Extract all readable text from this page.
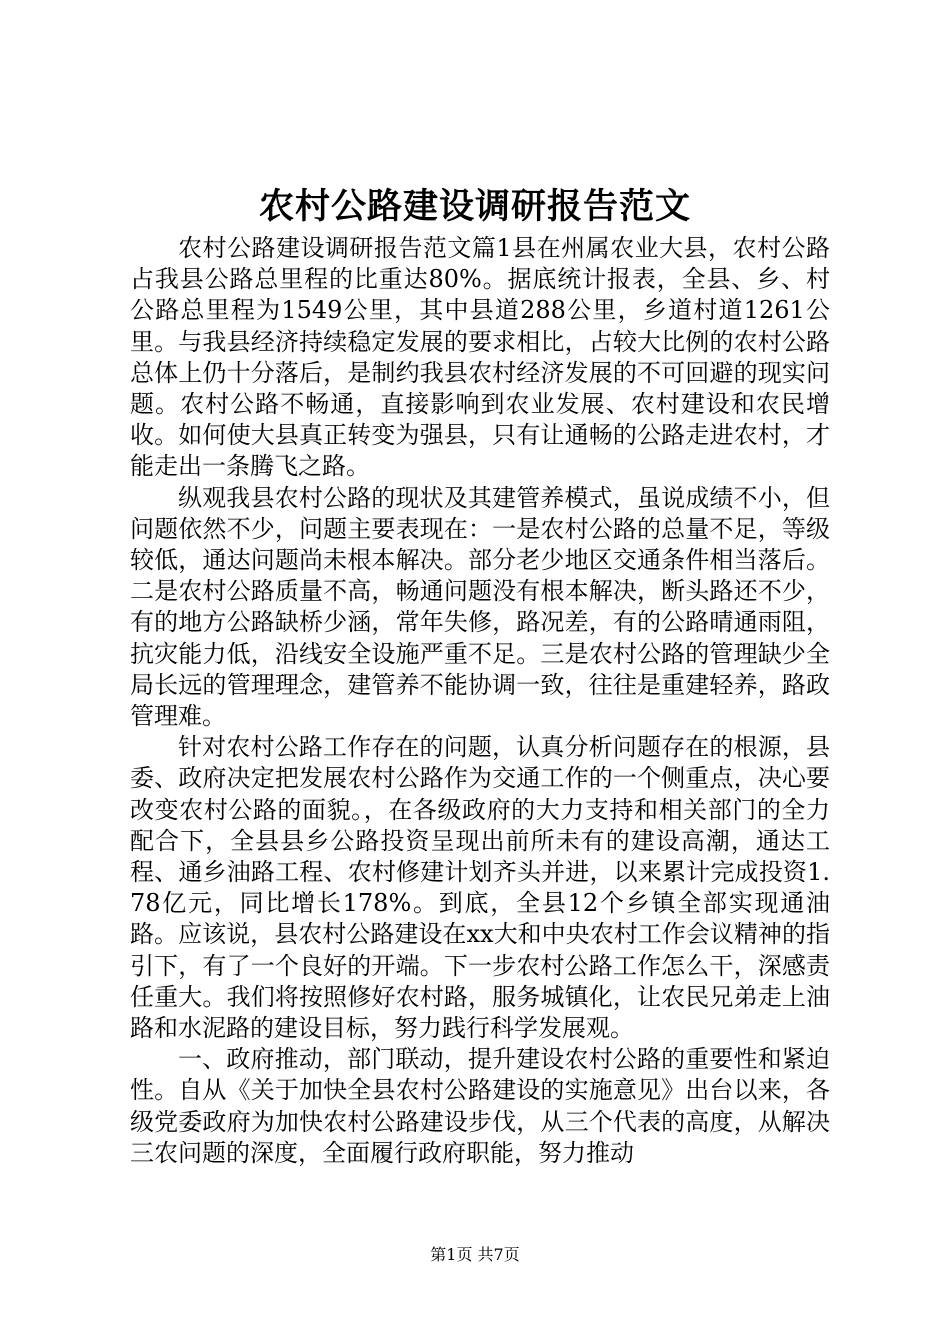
农村公路建设调研报告范文

农村公路建设调研报告范文篇1县在州属农业大县，农村公路占我县公路总里程的比重达80%。据底统计报表，全县、乡、村公路总里程为1549公里，其中县道288公里，乡道村道1261公里。与我县经济持续稳定发展的要求相比，占较大比例的农村公路总体上仍十分落后，是制约我县农村经济发展的不可回避的现实问题。农村公路不畅通，直接影响到农业发展、农村建设和农民增收。如何使大县真正转变为强县，只有让通畅的公路走进农村，才能走出一条腾飞之路。

纵观我县农村公路的现状及其建管养模式，虽说成绩不小，但问题依然不少，问题主要表现在：一是农村公路的总量不足，等级较低，通达问题尚未根本解决。部分老少地区交通条件相当落后。二是农村公路质量不高，畅通问题没有根本解决，断头路还不少，有的地方公路缺桥少涵，常年失修，路况差，有的公路晴通雨阻，抗灾能力低，沿线安全设施严重不足。三是农村公路的管理缺少全局长远的管理理念，建管养不能协调一致，往往是重建轻养，路政管理难。

针对农村公路工作存在的问题，认真分析问题存在的根源，县委、政府决定把发展农村公路作为交通工作的一个侧重点，决心要改变农村公路的面貌。，在各级政府的大力支持和相关部门的全力配合下，全县县乡公路投资呈现出前所未有的建设高潮，通达工程、通乡油路工程、农村修建计划齐头并进，以来累计完成投资1.78亿元，同比增长178%。到底，全县12个乡镇全部实现通油路。应该说，县农村公路建设在xx大和中央农村工作会议精神的指引下，有了一个良好的开端。下一步农村公路工作怎么干，深感责任重大。我们将按照修好农村路，服务城镇化，让农民兄弟走上油路和水泥路的建设目标，努力践行科学发展观。

一、政府推动，部门联动，提升建设农村公路的重要性和紧迫性。自从《关于加快全县农村公路建设的实施意见》出台以来，各级党委政府为加快农村公路建设步伐，从三个代表的高度，从解决三农问题的深度，全面履行政府职能，努力推动

第1页 共7页
